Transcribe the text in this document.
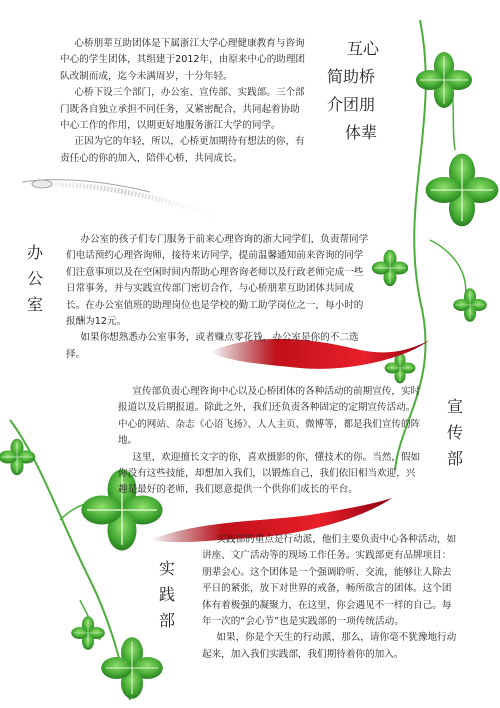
心桥朋辈互助团体是下属浙江大学心理健康教育与咨询中心的学生团体，其组建于2012年，由原来中心的助理团队改制而成，迄今未满周岁，十分年轻。

心桥下设三个部门，办公室、宣传部、实践部。三个部门既各自独立承担不同任务，又紧密配合，共同起着协助中心工作的作用，以期更好地服务浙江大学的同学。

正因为它的年轻，所以，心桥更加期待有想法的你，有责任心的你的加入，陪伴心桥，共同成长。

互心
简助桥
介团朋
体辈
办公室

办公室的孩子们专门服务于前来心理咨询的浙大同学们，负责帮同学们电话预约心理咨询师，接待来访同学，提前温馨通知前来咨询的同学们注意事项以及在空闲时间内帮助心理咨询老师以及行政老师完成一些日常事务，并与实践宣传部门密切合作，与心桥朋辈互助团体共同成长。在办公室值班的助理岗位也是学校的勤工助学岗位之一，每小时的报酬为12元。

如果你想熟悉办公室事务，或者赚点零花钱，办公室是你的不二选择。

宣传部

宣传部负责心理咨询中心以及心桥团体的各种活动的前期宣传，实时报道以及后期报道。除此之外，我们还负责各种固定的定期宣传活动。中心的网站、杂志《心语飞扬》、人人主页、微博等，都是我们宣传的阵地。

这里，欢迎擅长文字的你，喜欢摄影的你，懂技术的你。当然，假如你没有这些技能，却想加入我们，以锻炼自己，我们依旧相当欢迎，兴趣是最好的老师，我们愿意提供一个供你们成长的平台。

实践部

实践部的重点是行动派，他们主要负责中心各种活动，如讲座、文广活动等的现场工作任务。实践部更有品牌项目：朋辈会心。这个团体是一个强调聆听、交流，能够让人除去平日的紧张，放下对世界的戒备，畅所欲言的团体。这个团体有着极强的凝聚力，在这里，你会遇见不一样的自己。每年一次的“会心节”也是实践部的一项传统活动。

如果，你是个天生的行动派，那么，请你毫不犹豫地行动起来，加入我们实践部，我们期待着你的加入。
